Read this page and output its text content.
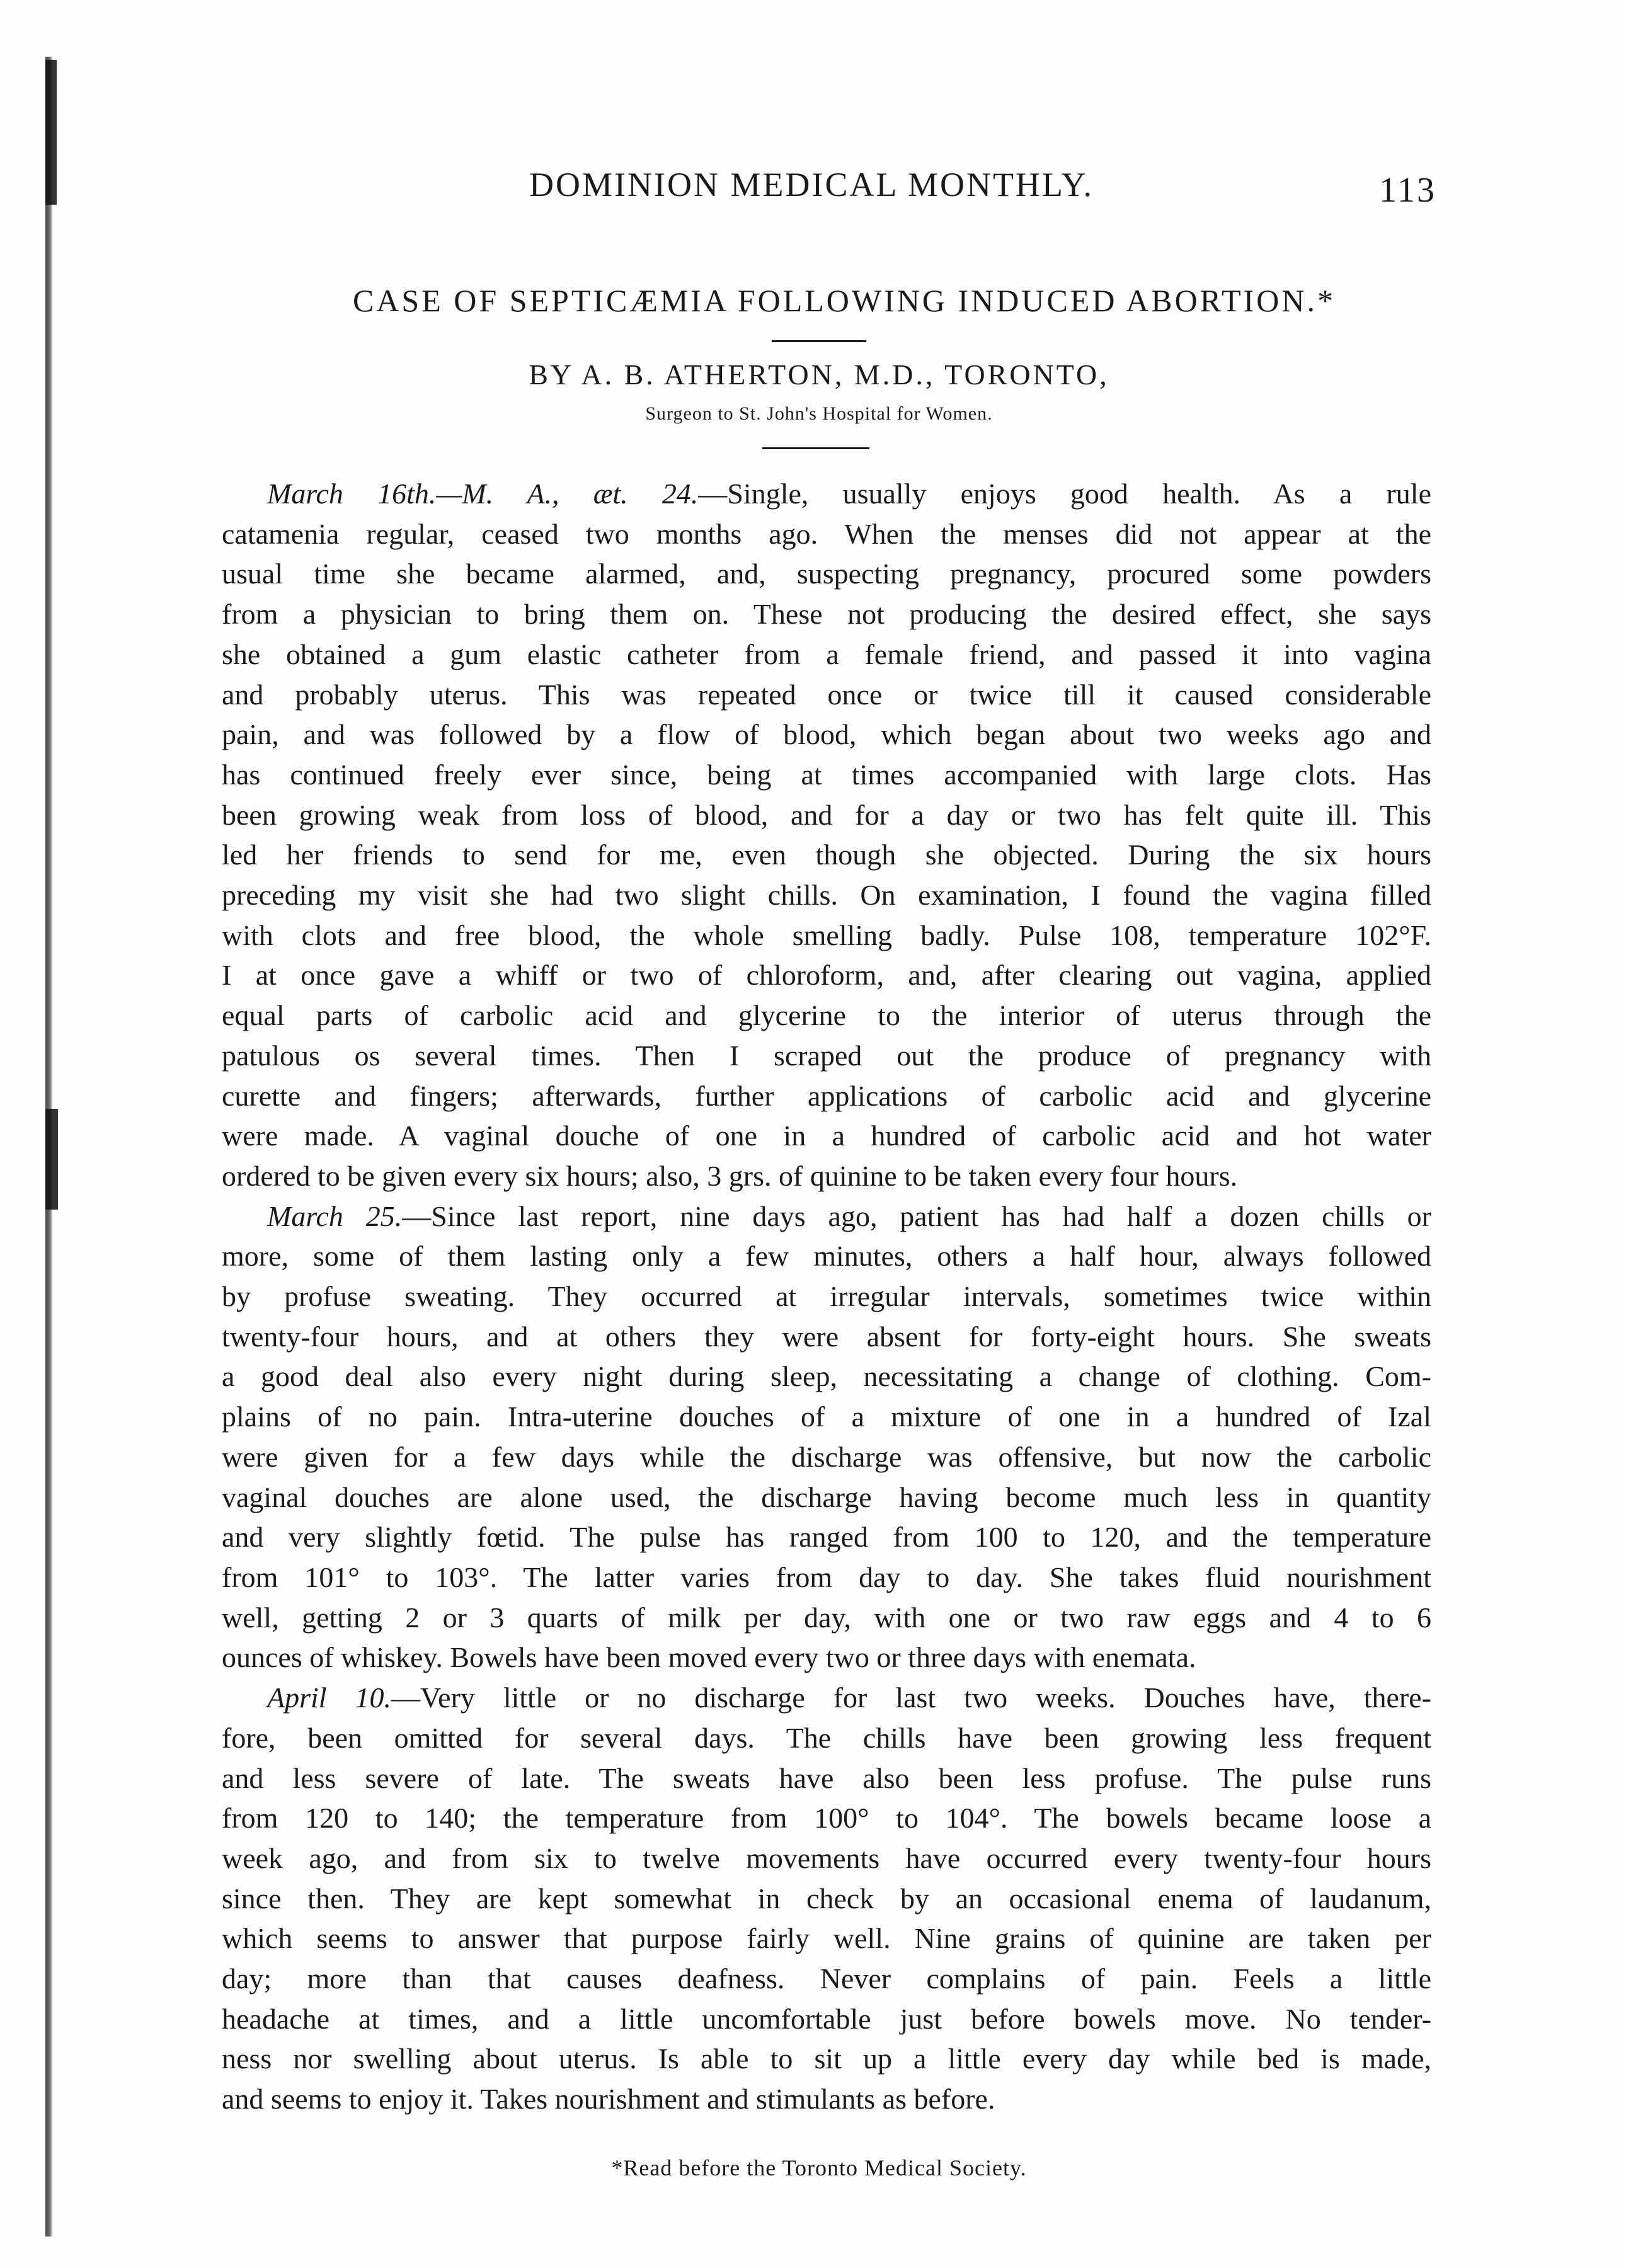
DOMINION MEDICAL MONTHLY.	113
CASE OF SEPTICÆMIA FOLLOWING INDUCED ABORTION.*
BY A. B. ATHERTON, M.D., TORONTO,
Surgeon to St. John's Hospital for Women.

March 16th.—M. A., æt. 24.—Single, usually enjoys good health. As a rule
catamenia regular, ceased two months ago. When the menses did not appear at the
usual time she became alarmed, and, suspecting pregnancy, procured some powders
from a physician to bring them on. These not producing the desired effect, she says
she obtained a gum elastic catheter from a female friend, and passed it into vagina
and probably uterus. This was repeated once or twice till it caused considerable
pain, and was followed by a flow of blood, which began about two weeks ago and
has continued freely ever since, being at times accompanied with large clots. Has
been growing weak from loss of blood, and for a day or two has felt quite ill. This
led her friends to send for me, even though she objected. During the six hours
preceding my visit she had two slight chills. On examination, I found the vagina filled
with clots and free blood, the whole smelling badly. Pulse 108, temperature 102°F.
I at once gave a whiff or two of chloroform, and, after clearing out vagina, applied
equal parts of carbolic acid and glycerine to the interior of uterus through the
patulous os several times. Then I scraped out the produce of pregnancy with
curette and fingers; afterwards, further applications of carbolic acid and glycerine
were made. A vaginal douche of one in a hundred of carbolic acid and hot water
ordered to be given every six hours; also, 3 grs. of quinine to be taken every four hours.

March 25.—Since last report, nine days ago, patient has had half a dozen chills or
more, some of them lasting only a few minutes, others a half hour, always followed
by profuse sweating. They occurred at irregular intervals, sometimes twice within
twenty-four hours, and at others they were absent for forty-eight hours. She sweats
a good deal also every night during sleep, necessitating a change of clothing. Com-
plains of no pain. Intra-uterine douches of a mixture of one in a hundred of Izal
were given for a few days while the discharge was offensive, but now the carbolic
vaginal douches are alone used, the discharge having become much less in quantity
and very slightly fœtid. The pulse has ranged from 100 to 120, and the temperature
from 101° to 103°. The latter varies from day to day. She takes fluid nourishment
well, getting 2 or 3 quarts of milk per day, with one or two raw eggs and 4 to 6
ounces of whiskey. Bowels have been moved every two or three days with enemata.

April 10.—Very little or no discharge for last two weeks. Douches have, there-
fore, been omitted for several days. The chills have been growing less frequent
and less severe of late. The sweats have also been less profuse. The pulse runs
from 120 to 140; the temperature from 100° to 104°. The bowels became loose a
week ago, and from six to twelve movements have occurred every twenty-four hours
since then. They are kept somewhat in check by an occasional enema of laudanum,
which seems to answer that purpose fairly well. Nine grains of quinine are taken per
day; more than that causes deafness. Never complains of pain. Feels a little
headache at times, and a little uncomfortable just before bowels move. No tender-
ness nor swelling about uterus. Is able to sit up a little every day while bed is made,
and seems to enjoy it. Takes nourishment and stimulants as before.

*Read before the Toronto Medical Society.
